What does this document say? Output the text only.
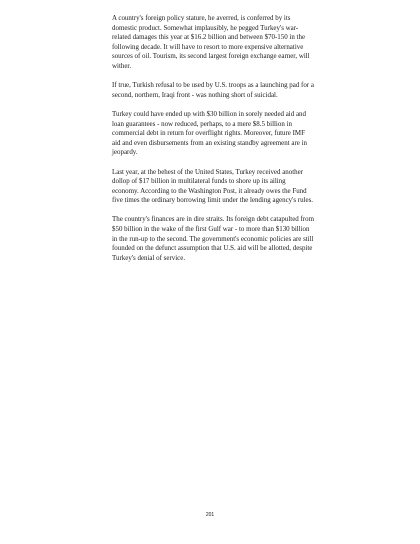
A country's foreign policy stature, he averred, is conferred by its domestic product. Somewhat implausibly, he pegged Turkey's war-related damages this year at $16.2 billion and between $70-150 in the following decade. It will have to resort to more expensive alternative sources of oil. Tourism, its second largest foreign exchange earner, will wither.

If true, Turkish refusal to be used by U.S. troops as a launching pad for a second, northern, Iraqi front - was nothing short of suicidal.

Turkey could have ended up with $30 billion in sorely needed aid and loan guarantees - now reduced, perhaps, to a mere $8.5 billion in commercial debt in return for overflight rights. Moreover, future IMF aid and even disbursements from an existing standby agreement are in jeopardy.

Last year, at the behest of the United States, Turkey received another dollop of $17 billion in multilateral funds to shore up its ailing economy. According to the Washington Post, it already owes the Fund five times the ordinary borrowing limit under the lending agency's rules.

The country's finances are in dire straits. Its foreign debt catapulted from $50 billion in the wake of the first Gulf war - to more than $130 billion in the run-up to the second. The government's economic policies are still founded on the defunct assumption that U.S. aid will be allotted, despite Turkey's denial of service.

201
